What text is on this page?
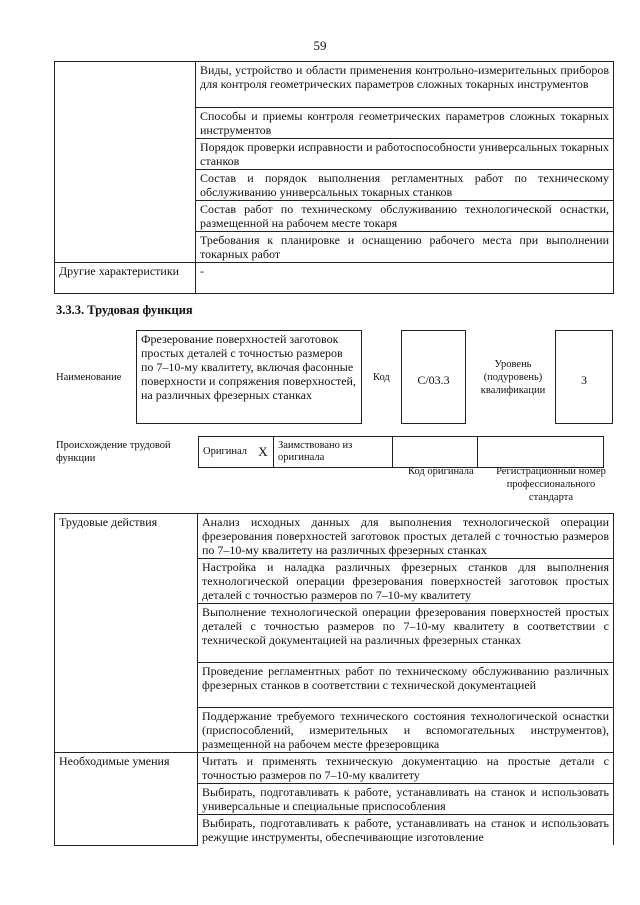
59
	Виды, устройство и области применения контрольно-измерительных приборов для контроля геометрических параметров сложных токарных инструментов
	Способы и приемы контроля геометрических параметров сложных токарных инструментов
	Порядок проверки исправности и работоспособности универсальных токарных станков
	Состав и порядок выполнения регламентных работ по техническому обслуживанию универсальных токарных станков
	Состав работ по техническому обслуживанию технологической оснастки, размещенной на рабочем месте токаря
	Требования к планировке и оснащению рабочего места при выполнении токарных работ
Другие характеристики	-
3.3.3. Трудовая функция
Наименование
Фрезерование поверхностей заготовок простых деталей с точностью размеров по 7–10-му квалитету, включая фасонные поверхности и сопряжения поверхностей, на различных фрезерных станках
Код	C/03.3
Уровень (подуровень) квалификации
3
Происхождение трудовой функции
Оригинал	X	Заимствовано из оригинала		
Код оригинала	Регистрационный номер профессионального стандарта
Трудовые действия	Анализ исходных данных для выполнения технологической операции фрезерования поверхностей заготовок простых деталей с точностью размеров по 7–10-му квалитету на различных фрезерных станках
	Настройка и наладка различных фрезерных станков для выполнения технологической операции фрезерования поверхностей заготовок простых деталей с точностью размеров по 7–10-му квалитету
	Выполнение технологической операции фрезерования поверхностей простых деталей с точностью размеров по 7–10-му квалитету в соответствии с технической документацией на различных фрезерных станках
	Проведение регламентных работ по техническому обслуживанию различных фрезерных станков в соответствии с технической документацией
	Поддержание требуемого технического состояния технологической оснастки (приспособлений, измерительных и вспомогательных инструментов), размещенной на рабочем месте фрезеровщика
Необходимые умения	Читать и применять техническую документацию на простые детали с точностью размеров по 7–10-му квалитету
	Выбирать, подготавливать к работе, устанавливать на станок и использовать универсальные и специальные приспособления
	Выбирать, подготавливать к работе, устанавливать на станок и использовать режущие инструменты, обеспечивающие изготовление
